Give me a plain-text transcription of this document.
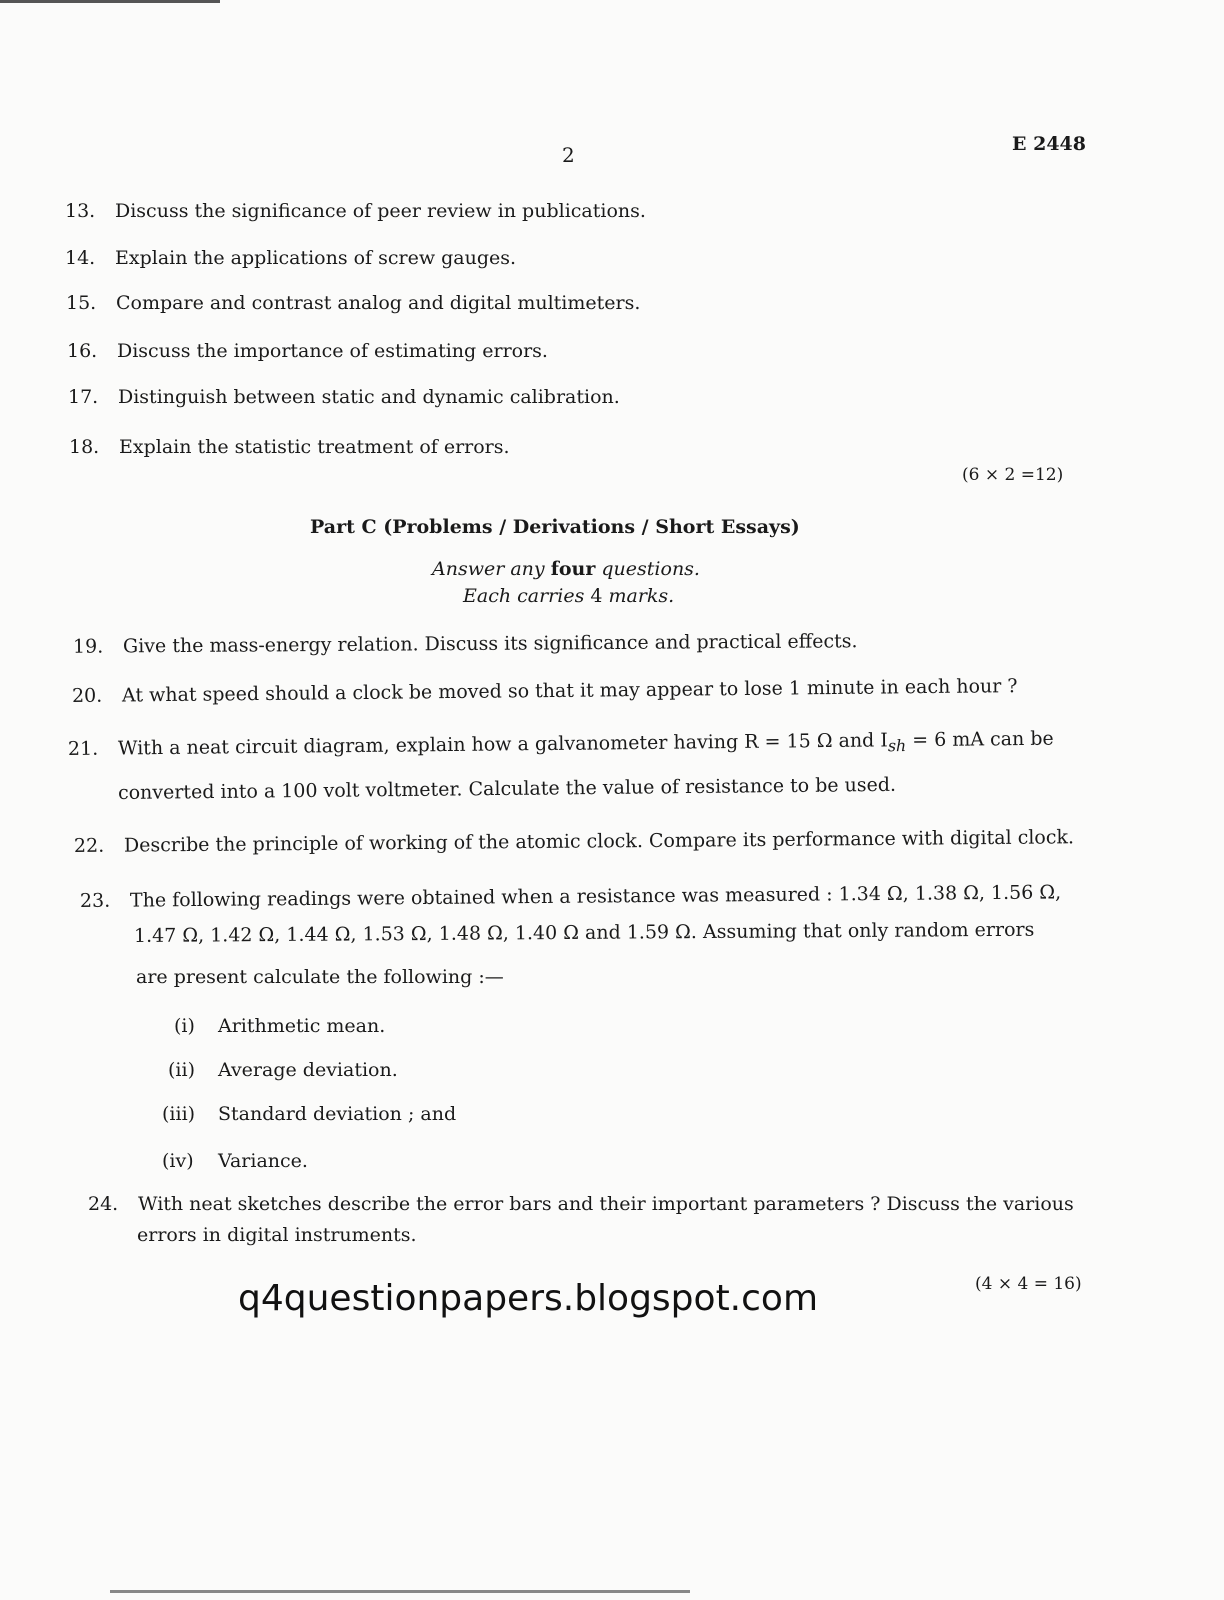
2	E 2448
13. Discuss the significance of peer review in publications.
14. Explain the applications of screw gauges.
15. Compare and contrast analog and digital multimeters.
16. Discuss the importance of estimating errors.
17. Distinguish between static and dynamic calibration.
18. Explain the statistic treatment of errors.
(6 × 2 =12)
Part C (Problems / Derivations / Short Essays)
Answer any four questions.
Each carries 4 marks.
19. Give the mass-energy relation. Discuss its significance and practical effects.
20. At what speed should a clock be moved so that it may appear to lose 1 minute in each hour ?
21. With a neat circuit diagram, explain how a galvanometer having R = 15 Ω and $I_{sh} = 6$ mA can be
converted into a 100 volt voltmeter. Calculate the value of resistance to be used.
22. Describe the principle of working of the atomic clock. Compare its performance with digital clock.
23. The following readings were obtained when a resistance was measured : 1.34 Ω, 1.38 Ω, 1.56 Ω,
1.47 Ω, 1.42 Ω, 1.44 Ω, 1.53 Ω, 1.48 Ω, 1.40 Ω and 1.59 Ω. Assuming that only random errors
are present calculate the following :—
(i) Arithmetic mean.
(ii) Average deviation.
(iii) Standard deviation ; and
(iv) Variance.
24. With neat sketches describe the error bars and their important parameters ? Discuss the various
errors in digital instruments.
(4 × 4 = 16)
q4questionpapers.blogspot.com
